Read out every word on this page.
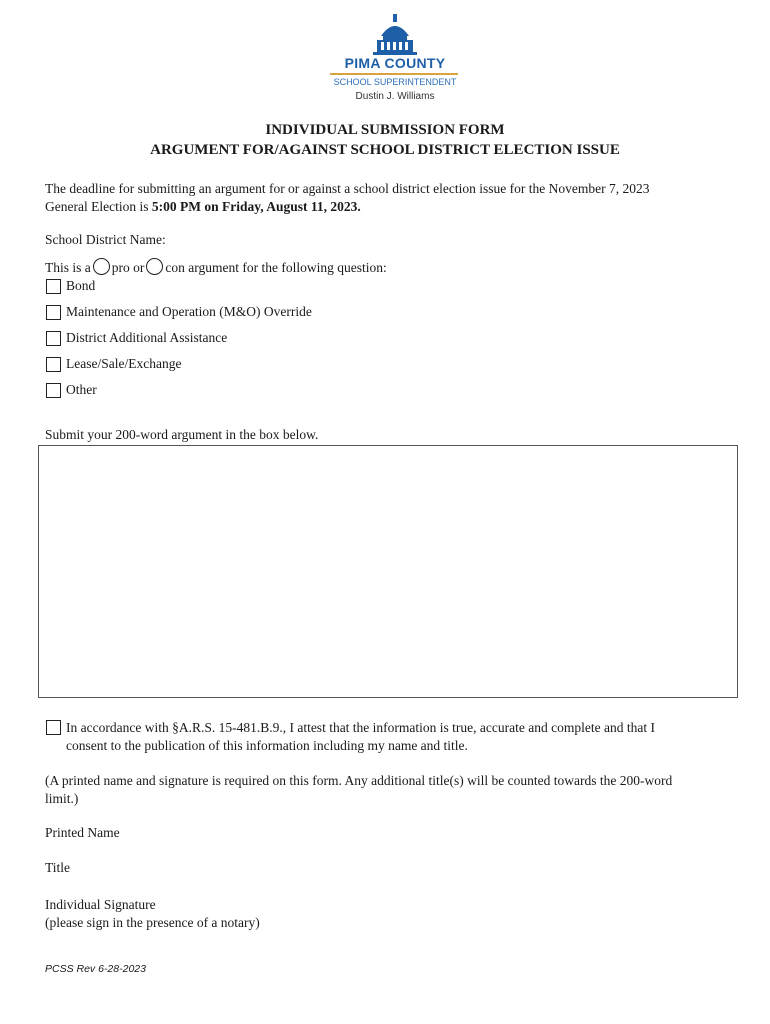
PIMA COUNTY
SCHOOL SUPERINTENDENT
Dustin J. Williams
INDIVIDUAL SUBMISSION FORM
ARGUMENT FOR/AGAINST SCHOOL DISTRICT ELECTION ISSUE
The deadline for submitting an argument for or against a school district election issue for the November 7, 2023
General Election is 5:00 PM on Friday, August 11, 2023.
School District Name:
This is a pro or con argument for the following question:
Bond
Maintenance and Operation (M&O) Override
District Additional Assistance
Lease/Sale/Exchange
Other
Submit your 200-word argument in the box below.
In accordance with §A.R.S. 15-481.B.9., I attest that the information is true, accurate and complete and that I
consent to the publication of this information including my name and title.
(A printed name and signature is required on this form. Any additional title(s) will be counted towards the 200-word
limit.)
Printed Name
Title
Individual Signature
(please sign in the presence of a notary)
PCSS Rev 6-28-2023
